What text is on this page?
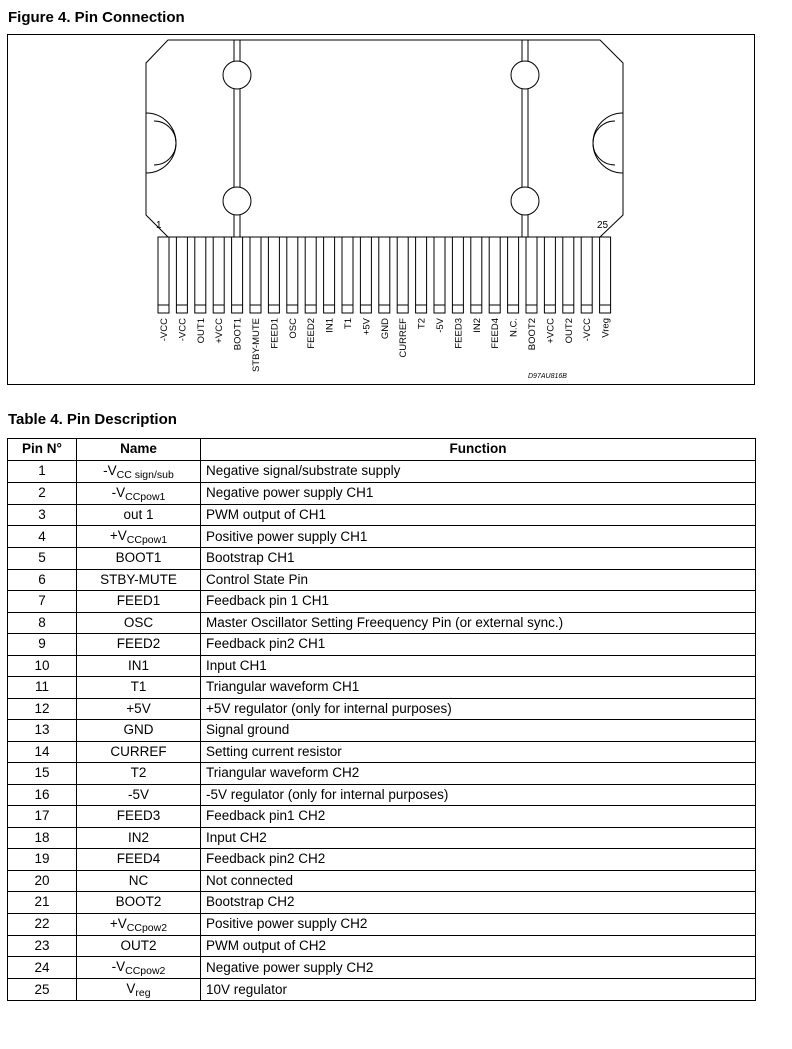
Figure 4. Pin Connection
1	25
-VCC -VCC OUT1 +VCC BOOT1 STBY-MUTE FEED1 OSC FEED2 IN1 T1 +5V GND CURREF T2 -5V FEED3 IN2 FEED4 N.C. BOOT2 +VCC OUT2 -VCC Vreg
D97AU816B
Table 4. Pin Description
Pin N°	Name	Function
1	$-V_{CC sign/sub}$	Negative signal/substrate supply
2	$-V_{CCpow1}$	Negative power supply CH1
3	out 1	PWM output of CH1
4	$+V_{CCpow1}$	Positive power supply CH1
5	BOOT1	Bootstrap CH1
6	STBY-MUTE	Control State Pin
7	FEED1	Feedback pin 1 CH1
8	OSC	Master Oscillator Setting Freequency Pin (or external sync.)
9	FEED2	Feedback pin2 CH1
10	IN1	Input CH1
11	T1	Triangular waveform CH1
12	+5V	+5V regulator (only for internal purposes)
13	GND	Signal ground
14	CURREF	Setting current resistor
15	T2	Triangular waveform CH2
16	-5V	-5V regulator (only for internal purposes)
17	FEED3	Feedback pin1 CH2
18	IN2	Input CH2
19	FEED4	Feedback pin2 CH2
20	NC	Not connected
21	BOOT2	Bootstrap CH2
22	$+V_{CCpow2}$	Positive power supply CH2
23	OUT2	PWM output of CH2
24	$-V_{CCpow2}$	Negative power supply CH2
25	$V_{reg}$	10V regulator
